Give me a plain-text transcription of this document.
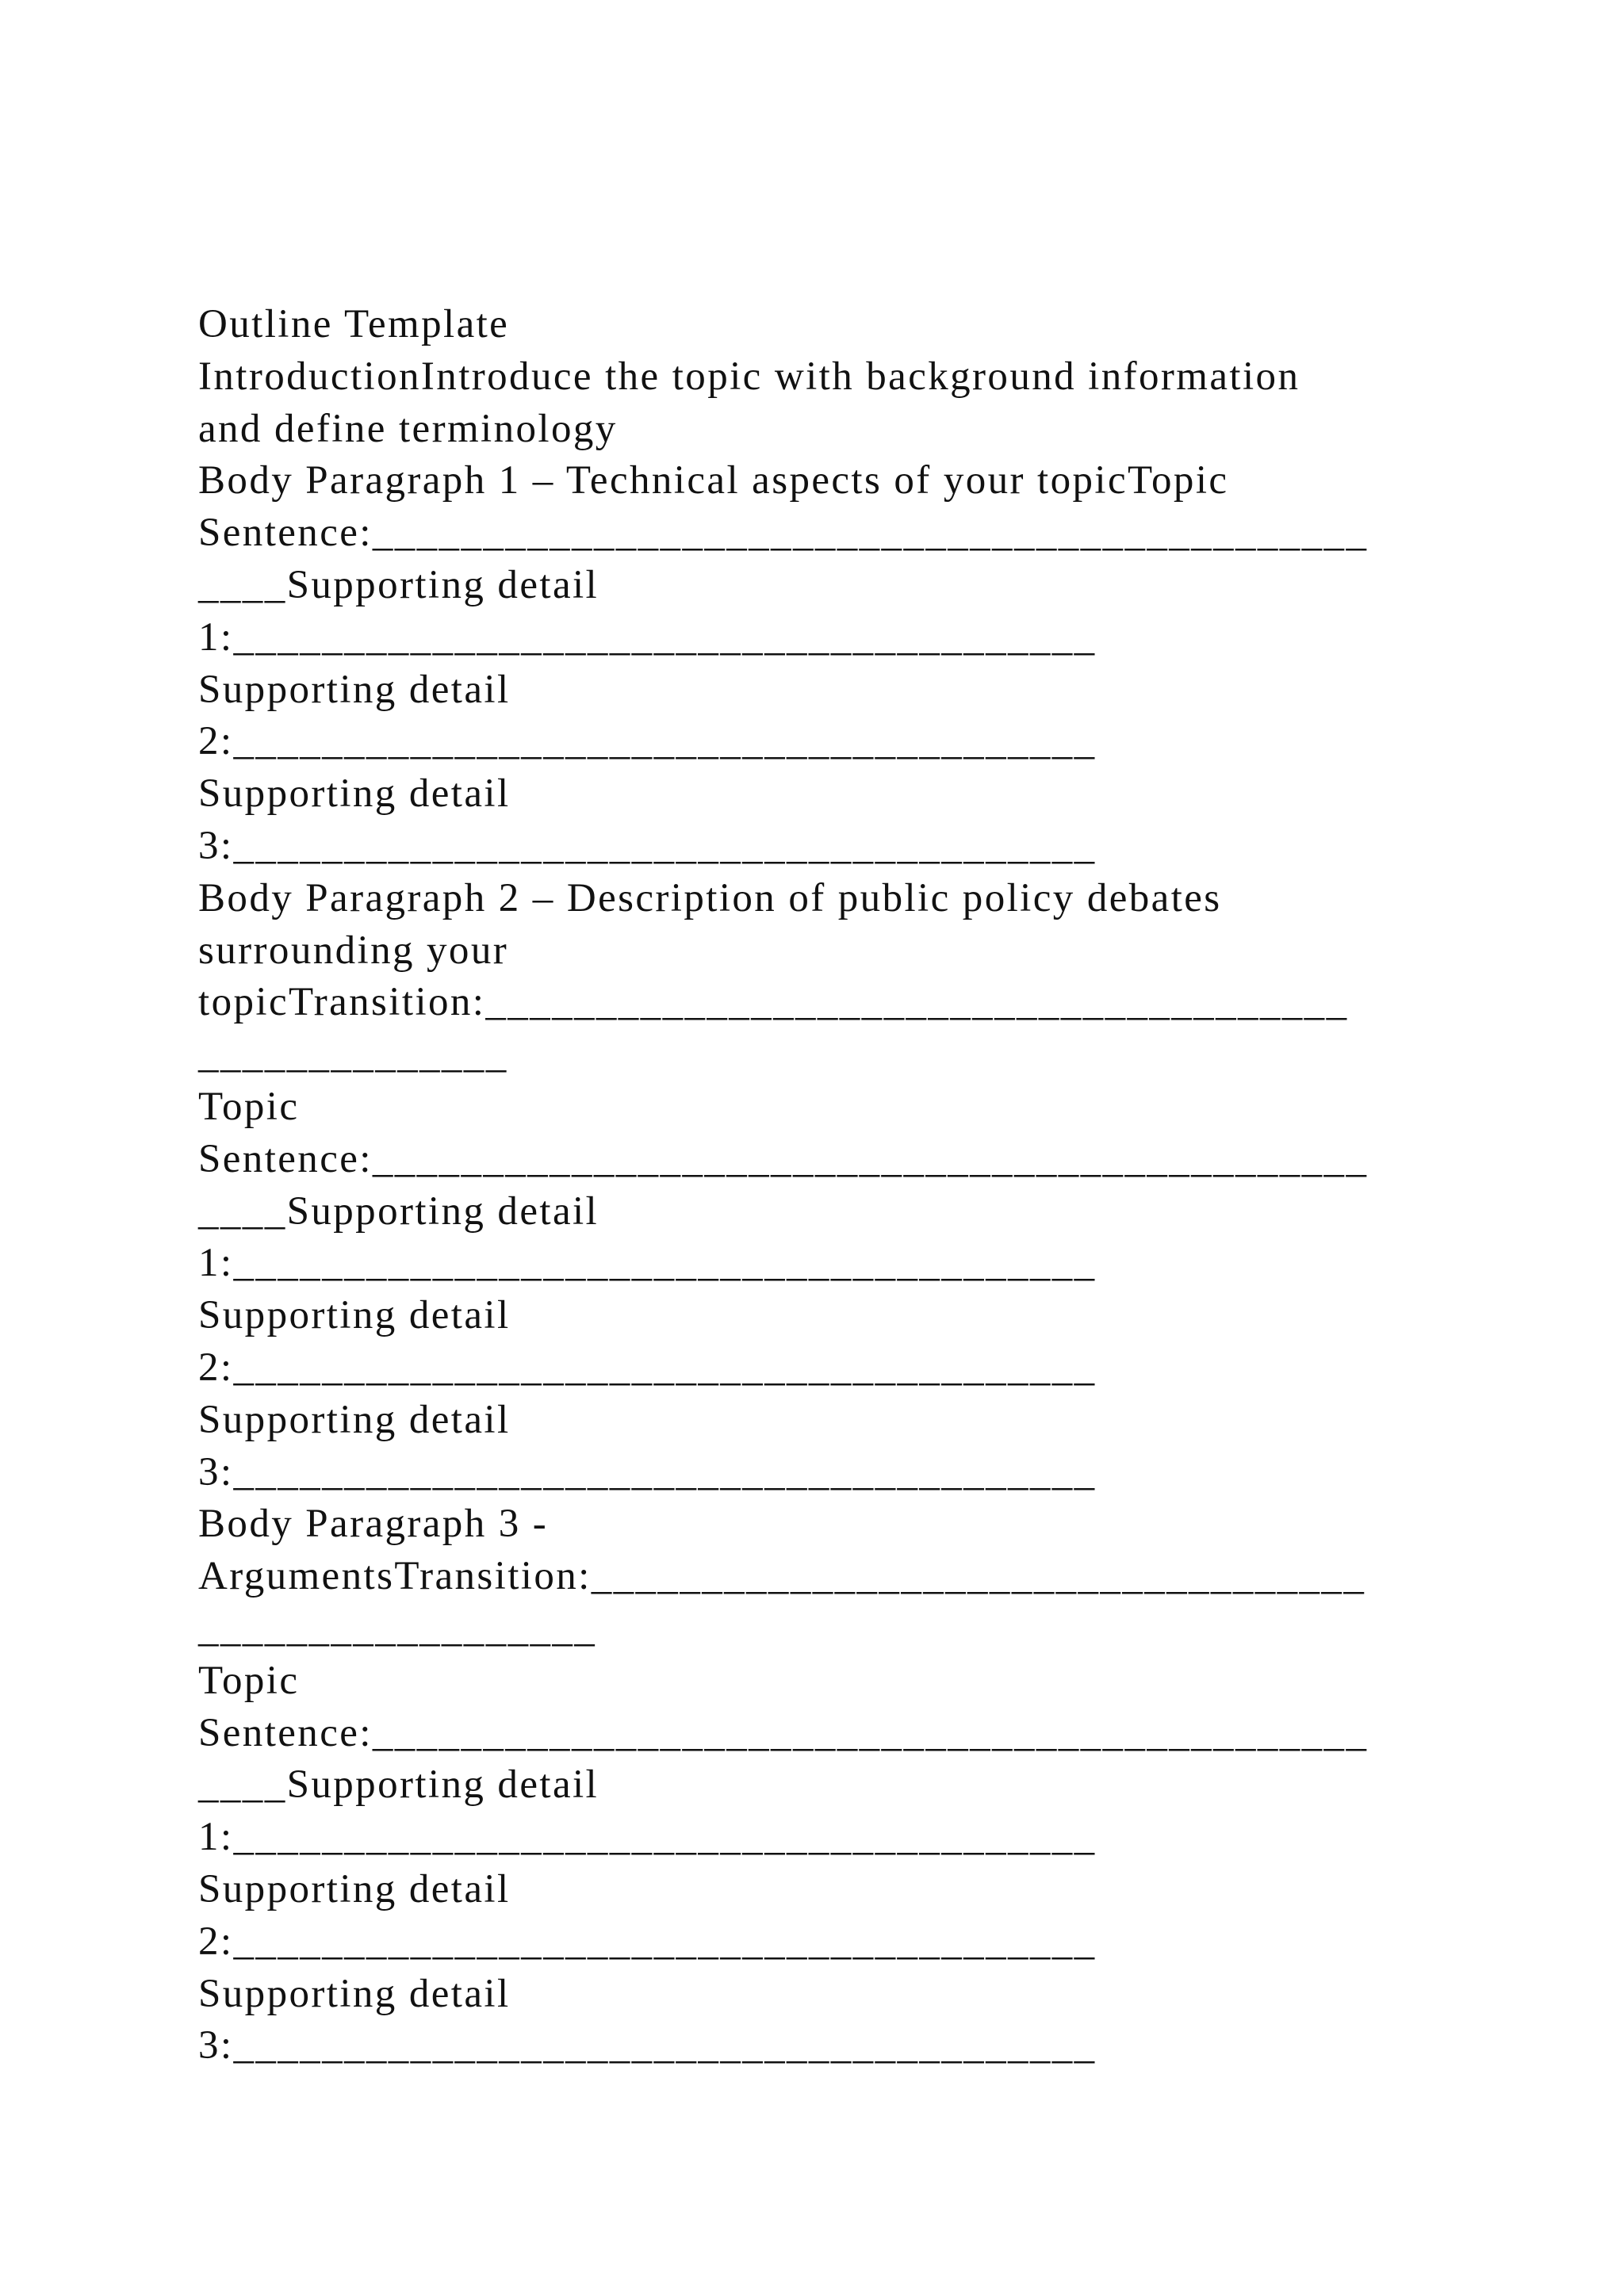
Outline Template
IntroductionIntroduce the topic with background information
and define terminology
Body Paragraph 1 – Technical aspects of your topicTopic
Sentence:_____________________________________________
____Supporting detail
1:_______________________________________
Supporting detail
2:_______________________________________
Supporting detail
3:_______________________________________
Body Paragraph 2 – Description of public policy debates
surrounding your
topicTransition:_______________________________________
______________
Topic
Sentence:_____________________________________________
____Supporting detail
1:_______________________________________
Supporting detail
2:_______________________________________
Supporting detail
3:_______________________________________
Body Paragraph 3 -
ArgumentsTransition:___________________________________
__________________
Topic
Sentence:_____________________________________________
____Supporting detail
1:_______________________________________
Supporting detail
2:_______________________________________
Supporting detail
3:_______________________________________
